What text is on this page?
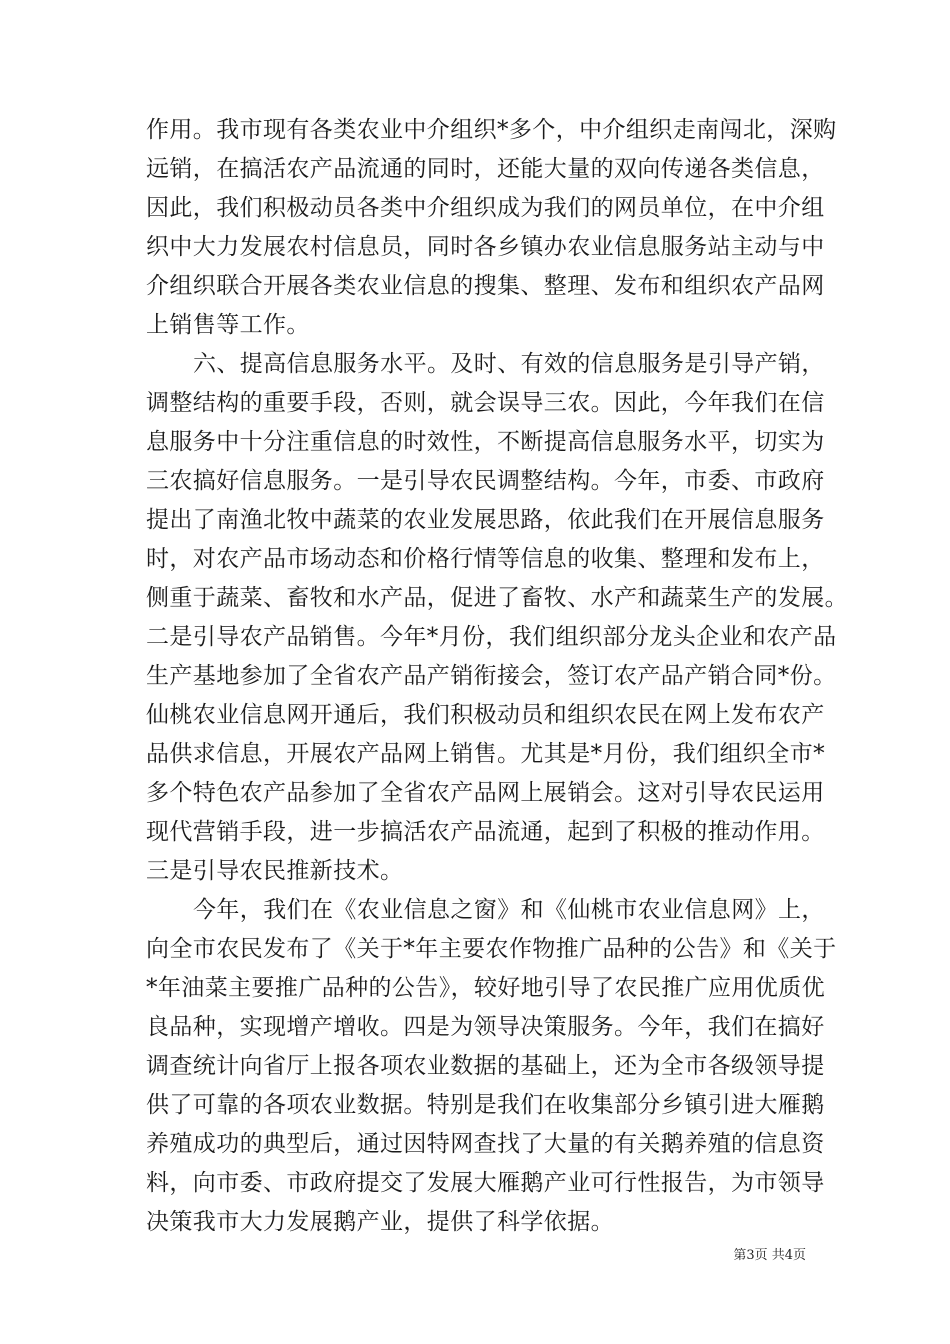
作用。我市现有各类农业中介组织*多个，中介组织走南闯北，深购
远销，在搞活农产品流通的同时，还能大量的双向传递各类信息，
因此，我们积极动员各类中介组织成为我们的网员单位，在中介组
织中大力发展农村信息员，同时各乡镇办农业信息服务站主动与中
介组织联合开展各类农业信息的搜集、整理、发布和组织农产品网
上销售等工作。
六、提高信息服务水平。及时、有效的信息服务是引导产销，
调整结构的重要手段，否则，就会误导三农。因此，今年我们在信
息服务中十分注重信息的时效性，不断提高信息服务水平，切实为
三农搞好信息服务。一是引导农民调整结构。今年，市委、市政府
提出了南渔北牧中蔬菜的农业发展思路，依此我们在开展信息服务
时，对农产品市场动态和价格行情等信息的收集、整理和发布上，
侧重于蔬菜、畜牧和水产品，促进了畜牧、水产和蔬菜生产的发展。
二是引导农产品销售。今年*月份，我们组织部分龙头企业和农产品
生产基地参加了全省农产品产销衔接会，签订农产品产销合同*份。
仙桃农业信息网开通后，我们积极动员和组织农民在网上发布农产
品供求信息，开展农产品网上销售。尤其是*月份，我们组织全市*
多个特色农产品参加了全省农产品网上展销会。这对引导农民运用
现代营销手段，进一步搞活农产品流通，起到了积极的推动作用。
三是引导农民推新技术。
今年，我们在《农业信息之窗》和《仙桃市农业信息网》上，
向全市农民发布了《关于*年主要农作物推广品种的公告》和《关于
*年油菜主要推广品种的公告》，较好地引导了农民推广应用优质优
良品种，实现增产增收。四是为领导决策服务。今年，我们在搞好
调查统计向省厅上报各项农业数据的基础上，还为全市各级领导提
供了可靠的各项农业数据。特别是我们在收集部分乡镇引进大雁鹅
养殖成功的典型后，通过因特网查找了大量的有关鹅养殖的信息资
料，向市委、市政府提交了发展大雁鹅产业可行性报告，为市领导
决策我市大力发展鹅产业，提供了科学依据。
第3页 共4页
